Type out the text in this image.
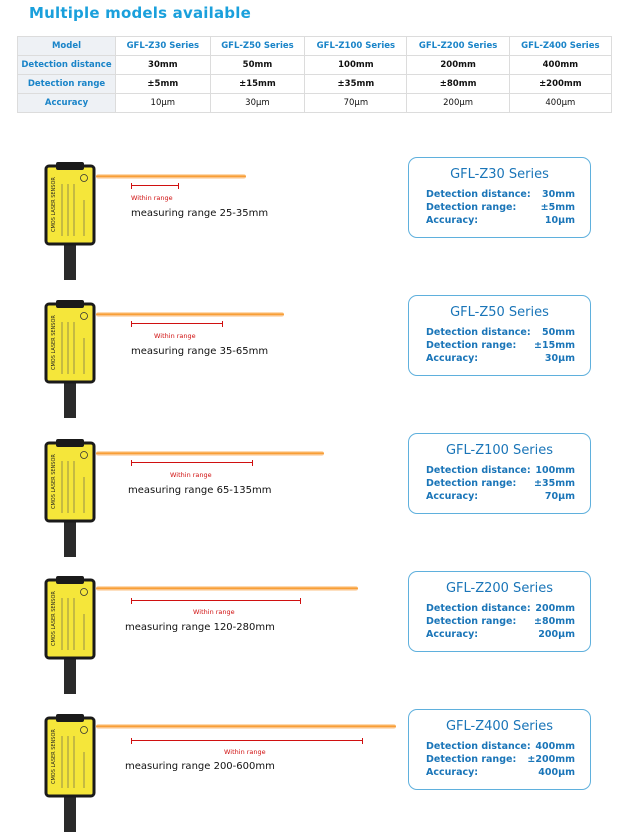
Multiple models available
Model	GFL-Z30 Series	GFL-Z50 Series	GFL-Z100 Series	GFL-Z200 Series	GFL-Z400 Series
Detection distance	30mm	50mm	100mm	200mm	400mm
Detection range	±5mm	±15mm	±35mm	±80mm	±200mm
Accuracy	10μm	30μm	70μm	200μm	400μm
CMOS LASER SENSOR	Within range
measuring range 25-35mm
GFL-Z30 Series
Detection distance: 30mm
Detection range:	±5mm
Accuracy:	10μm
CMOS LASER SENSOR	Within range
measuring range 35-65mm
GFL-Z50 Series
Detection distance: 50mm
Detection range: ±15mm
Accuracy:	30μm
CMOS LASER SENSOR	Within range
measuring range 65-135mm
GFL-Z100 Series
Detection distance: 100mm
Detection range: ±35mm
Accuracy:	70μm
CMOS LASER SENSOR	Within range
measuring range 120-280mm
GFL-Z200 Series
Detection distance: 200mm
Detection range: ±80mm
Accuracy:	200μm
CMOS LASER SENSOR	Within range
measuring range 200-600mm
GFL-Z400 Series
Detection distance: 400mm
Detection range: ±200mm
Accuracy:	400μm
